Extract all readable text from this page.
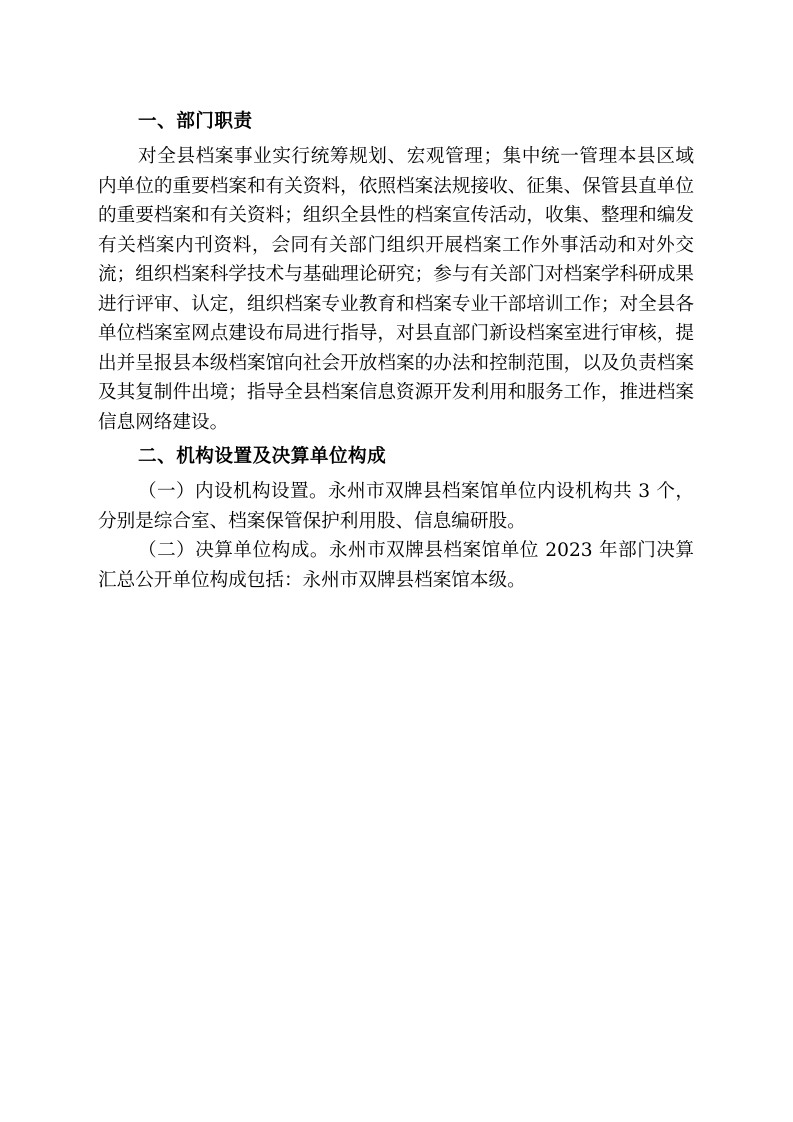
一、部门职责

对全县档案事业实行统筹规划、宏观管理；集中统一管理本县区域内单位的重要档案和有关资料，依照档案法规接收、征集、保管县直单位的重要档案和有关资料；组织全县性的档案宣传活动，收集、整理和编发有关档案内刊资料，会同有关部门组织开展档案工作外事活动和对外交流；组织档案科学技术与基础理论研究；参与有关部门对档案学科研成果进行评审、认定，组织档案专业教育和档案专业干部培训工作；对全县各单位档案室网点建设布局进行指导，对县直部门新设档案室进行审核，提出并呈报县本级档案馆向社会开放档案的办法和控制范围，以及负责档案及其复制件出境；指导全县档案信息资源开发利用和服务工作，推进档案信息网络建设。

二、机构设置及决算单位构成

（一）内设机构设置。永州市双牌县档案馆单位内设机构共 3 个，分别是综合室、档案保管保护利用股、信息编研股。

（二）决算单位构成。永州市双牌县档案馆单位 2023 年部门决算汇总公开单位构成包括：永州市双牌县档案馆本级。
